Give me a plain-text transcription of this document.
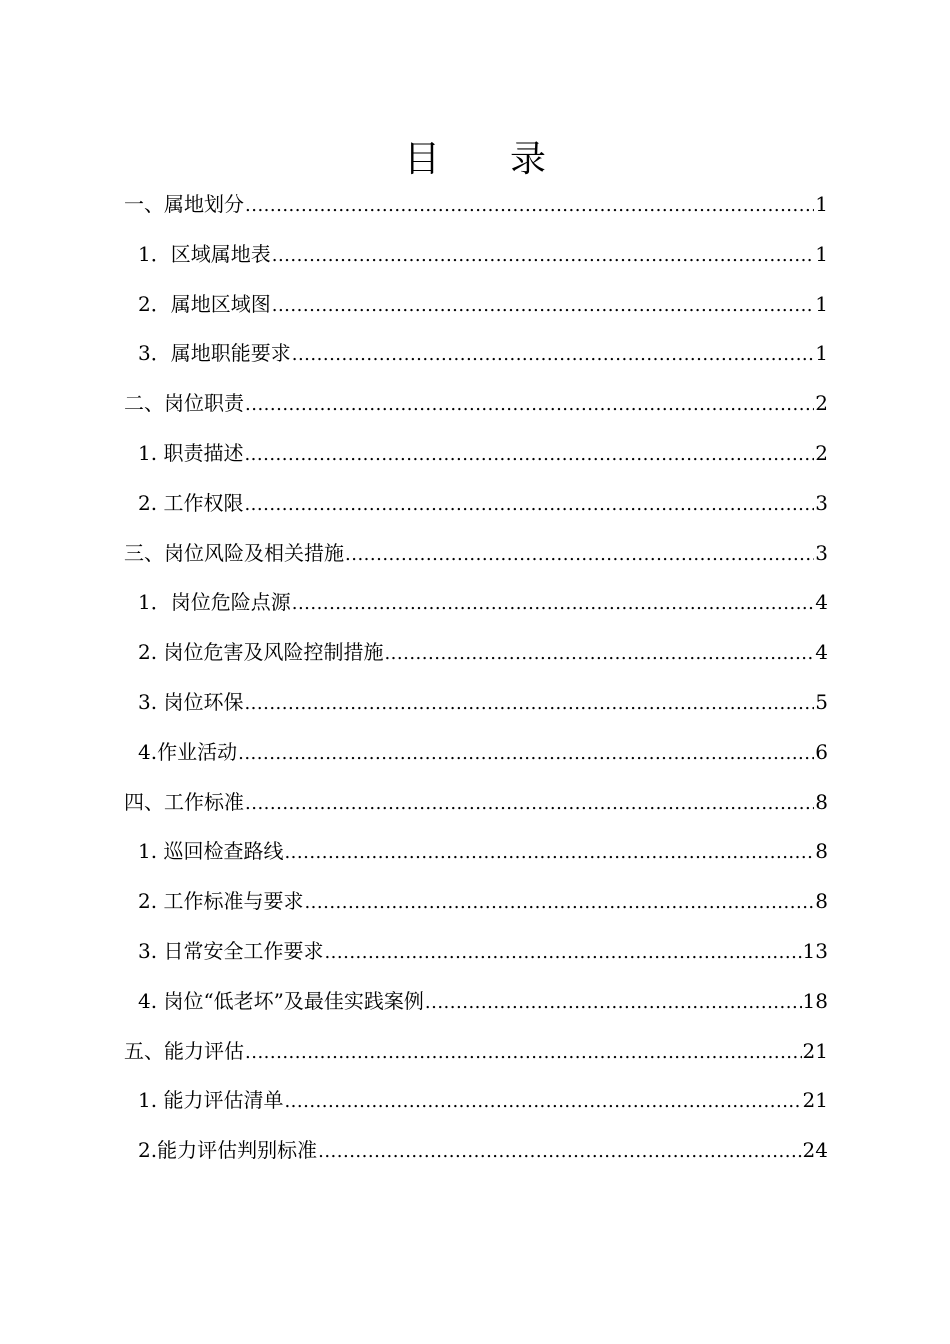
目 录
一、属地划分 .....	1
1．区域属地表 .....	1
2．属地区域图 .....	1
3．属地职能要求 .....	1
二、岗位职责 .....	2
1. 职责描述 .....	2
2. 工作权限 .....	3
三、岗位风险及相关措施 .....	3
1．岗位危险点源 .....	4
2. 岗位危害及风险控制措施 .....	4
3. 岗位环保 .....	5
4.作业活动 .....	6
四、工作标准 .....	8
1. 巡回检查路线 .....	8
2. 工作标准与要求 .....	8
3. 日常安全工作要求 .....	13
4. 岗位“低老坏”及最佳实践案例 .....	18
五、能力评估 .....	21
1. 能力评估清单 .....	21
2.能力评估判别标准 .....	24
